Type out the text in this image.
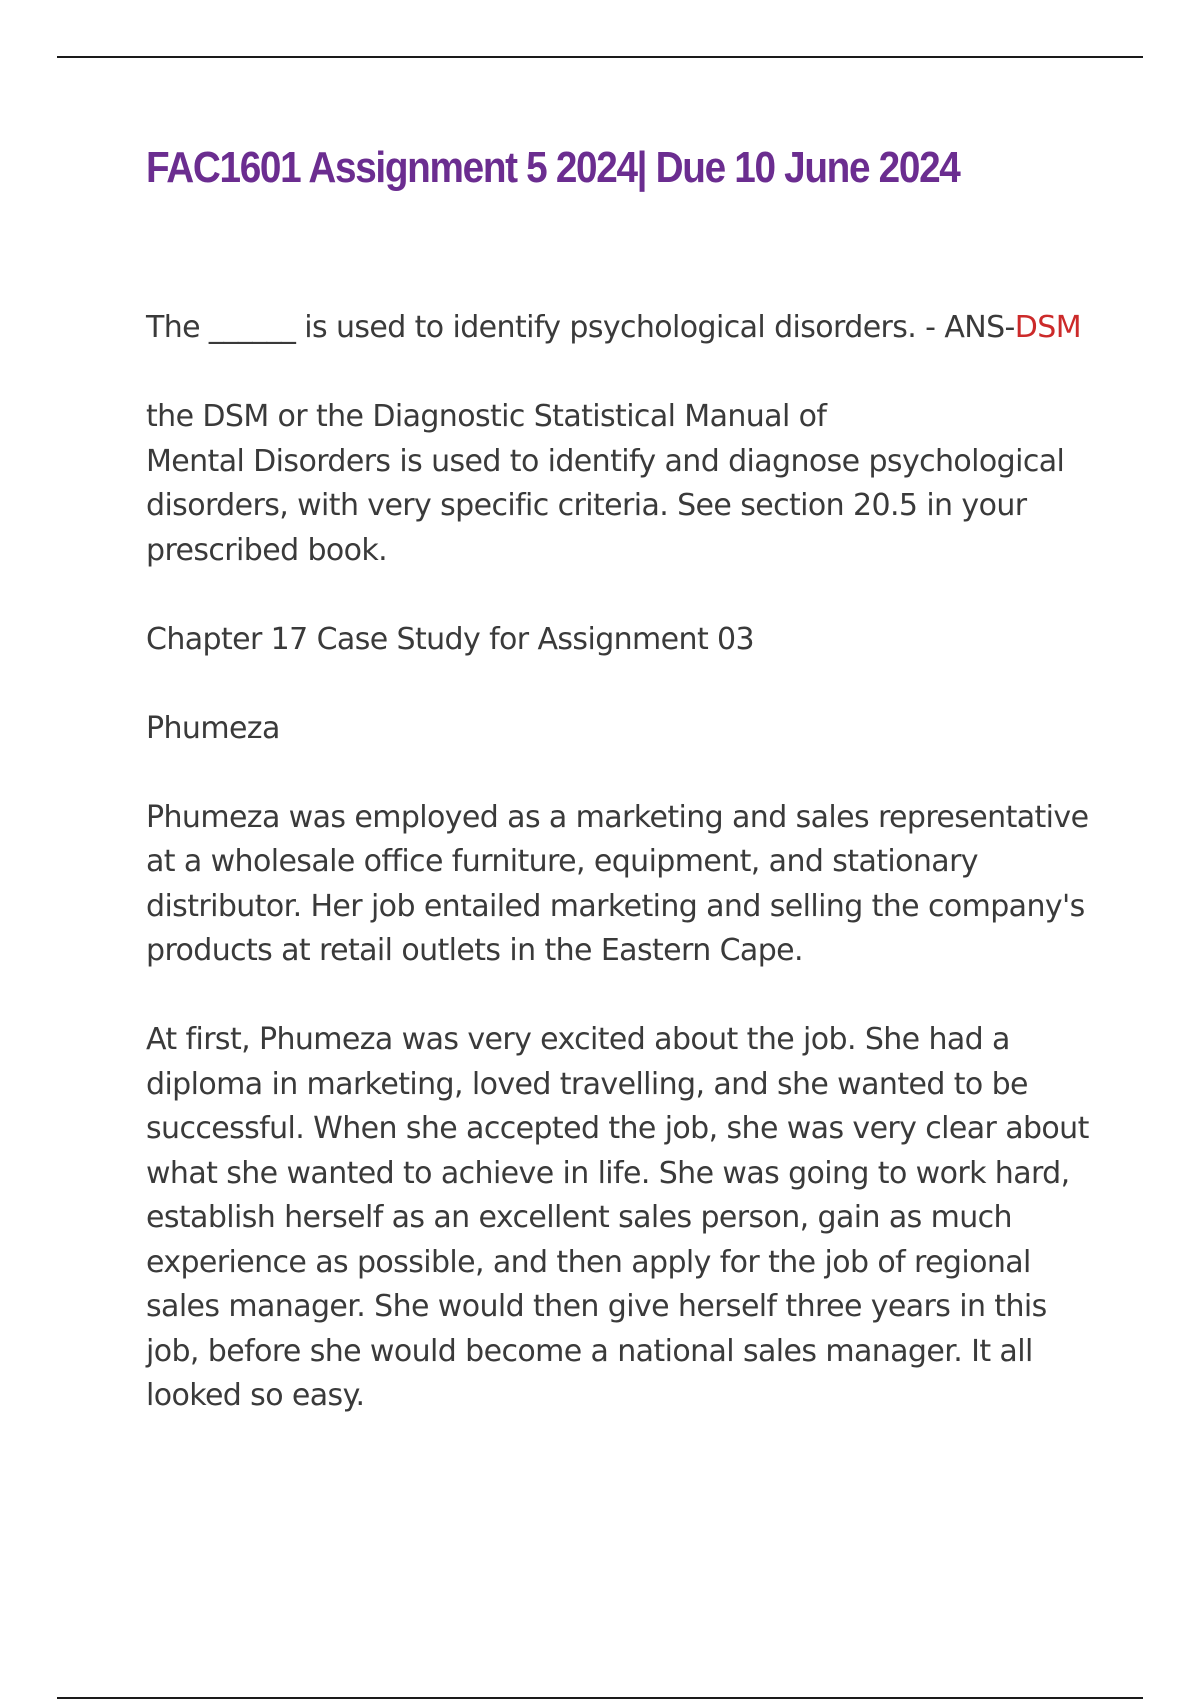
FAC1601 Assignment 5 2024| Due 10 June 2024

The ______ is used to identify psychological disorders. - ANS-DSM

the DSM or the Diagnostic Statistical Manual of
Mental Disorders is used to identify and diagnose psychological disorders, with very specific criteria. See section 20.5 in your prescribed book.

Chapter 17 Case Study for Assignment 03

Phumeza

Phumeza was employed as a marketing and sales representative at a wholesale office furniture, equipment, and stationary distributor. Her job entailed marketing and selling the company's products at retail outlets in the Eastern Cape.

At first, Phumeza was very excited about the job. She had a diploma in marketing, loved travelling, and she wanted to be successful. When she accepted the job, she was very clear about what she wanted to achieve in life. She was going to work hard, establish herself as an excellent sales person, gain as much experience as possible, and then apply for the job of regional sales manager. She would then give herself three years in this job, before she would become a national sales manager. It all looked so easy.
